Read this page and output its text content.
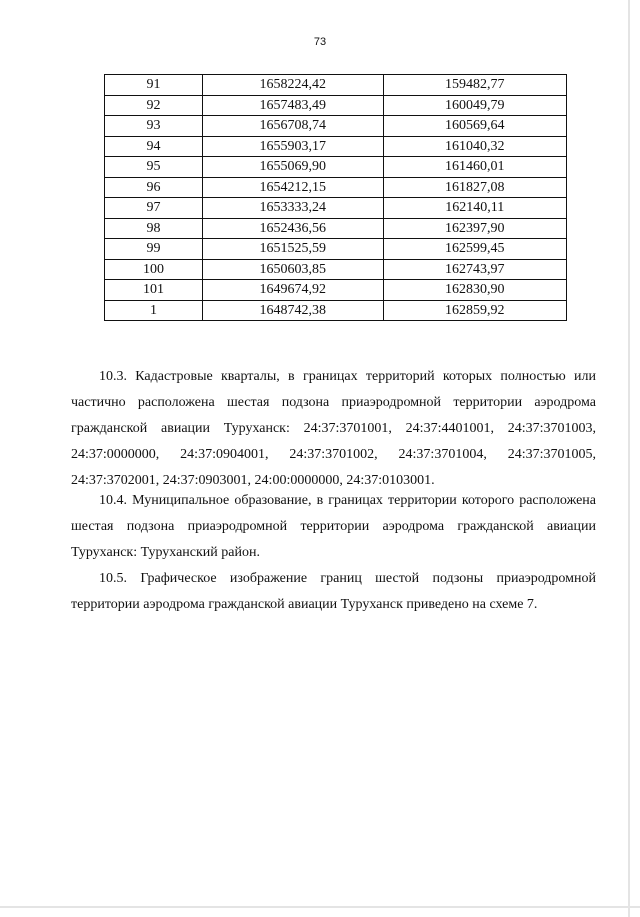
73
91	1658224,42	159482,77
92	1657483,49	160049,79
93	1656708,74	160569,64
94	1655903,17	161040,32
95	1655069,90	161460,01
96	1654212,15	161827,08
97	1653333,24	162140,11
98	1652436,56	162397,90
99	1651525,59	162599,45
100	1650603,85	162743,97
101	1649674,92	162830,90
1	1648742,38	162859,92

10.3. Кадастровые кварталы, в границах территорий которых полностью или частично расположена шестая подзона приаэродромной территории аэродрома гражданской авиации Туруханск: 24:37:3701001, 24:37:4401001, 24:37:3701003, 24:37:0000000, 24:37:0904001, 24:37:3701002, 24:37:3701004, 24:37:3701005, 24:37:3702001, 24:37:0903001, 24:00:0000000, 24:37:0103001.

10.4. Муниципальное образование, в границах территории которого расположена шестая подзона приаэродромной территории аэродрома гражданской авиации Туруханск: Туруханский район.

10.5. Графическое изображение границ шестой подзоны приаэродромной территории аэродрома гражданской авиации Туруханск приведено на схеме 7.
